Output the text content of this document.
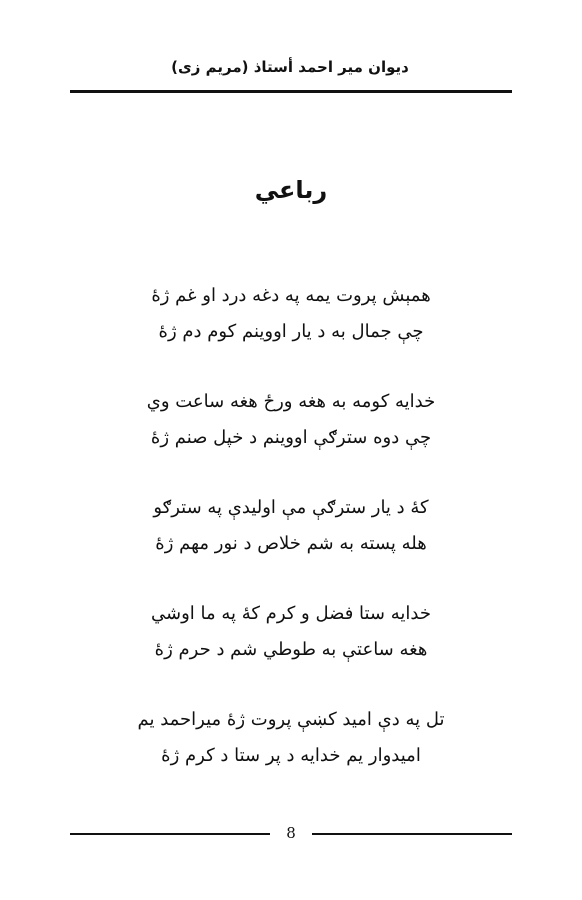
ديوان مير احمد أستاذ (مريم زی)
رباعي
همېش پروت يمه په دغه درد او غم ژۀ
چې جمال به د يار اووينم کوم دم ژۀ
خدايه کومه به هغه ورځ هغه ساعت وي
چې دوه سترګې اووينم د خپل صنم ژۀ
کۀ د يار سترګې مې اوليدې په سترګو
هله پسته به شم خلاص د نور مهم ژۀ
خدايه ستا فضل و کرم کۀ په ما اوشي
هغه ساعتې به طوطي شم د حرم ژۀ
تل په دې اميد کښې پروت ژۀ ميراحمد يم
اميدوار يم خدايه د پر ستا د کرم ژۀ
8
